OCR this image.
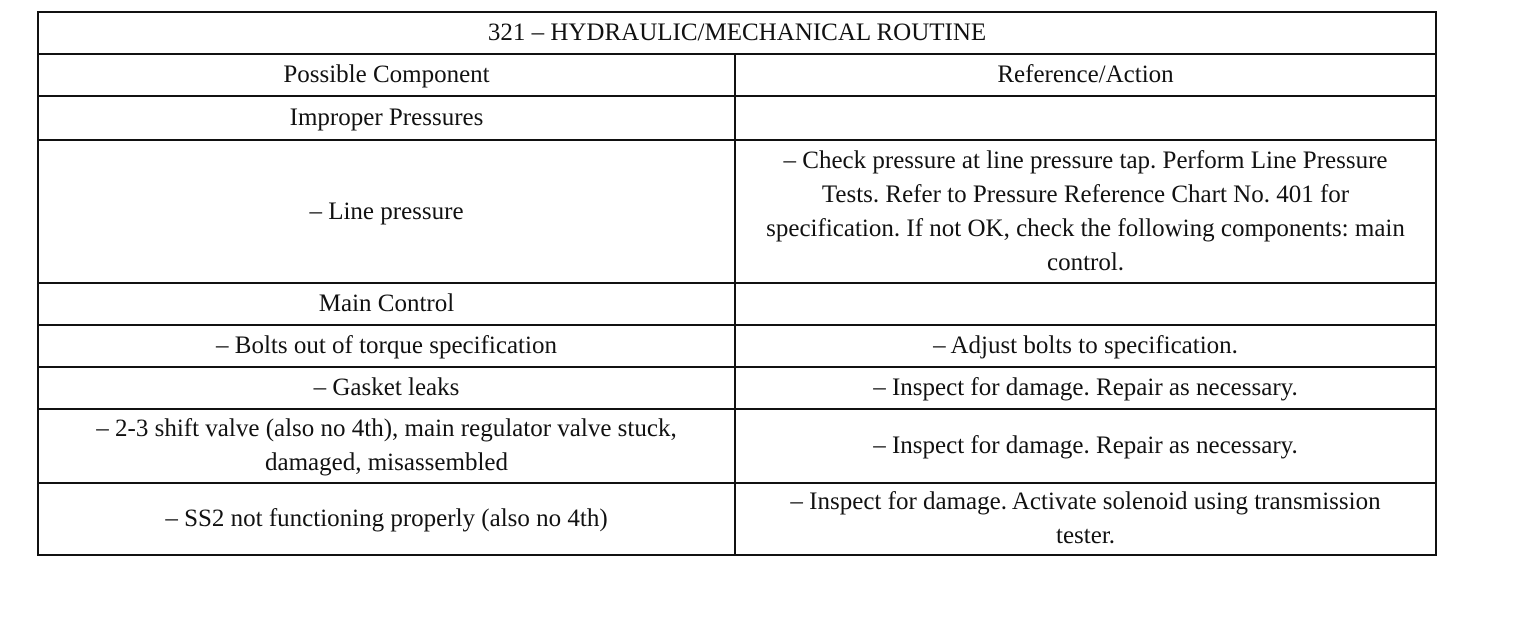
321 – HYDRAULIC/MECHANICAL ROUTINE	
Possible Component	Reference/Action
Improper Pressures	
– Line pressure	– Check pressure at line pressure tap. Perform Line Pressure Tests. Refer to Pressure Reference Chart No. 401 for specification. If not OK, check the following components: main control.
Main Control	
– Bolts out of torque specification	– Adjust bolts to specification.
– Gasket leaks	– Inspect for damage. Repair as necessary.
– 2-3 shift valve (also no 4th), main regulator valve stuck, damaged, misassembled	– Inspect for damage. Repair as necessary.
– SS2 not functioning properly (also no 4th)	– Inspect for damage. Activate solenoid using transmission tester.
